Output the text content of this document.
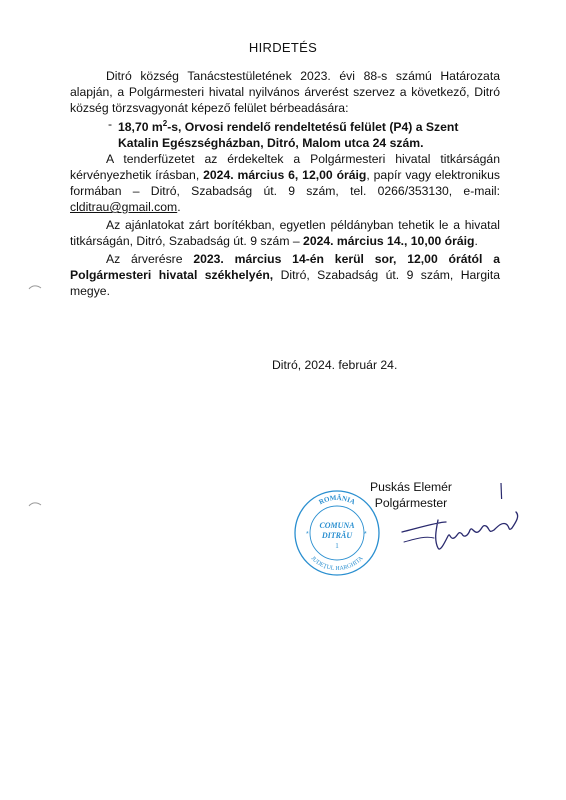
HIRDETÉS

Ditró község Tanácstestületének 2023. évi 88-s számú Határozata alapján, a Polgármesteri hivatal nyilvános árverést szervez a következő, Ditró község törzsvagyonát képező felület bérbeadására:

- 18,70 $m^2-s$, Orvosi rendelő rendeltetésű felület (P4) a Szent Katalin Egészségházban, Ditró, Malom utca 24 szám.

A tenderfüzetet az érdekeltek a Polgármesteri hivatal titkárságán kérvényezhetik írásban, 2024. március 6, 12,00 óráig, papír vagy elektronikus formában – Ditró, Szabadság út. 9 szám, tel. 0266/353130, e-mail: clditrau@gmail.com.

Az ajánlatokat zárt borítékban, egyetlen példányban tehetik le a hivatal titkárságán, Ditró, Szabadság út. 9 szám – 2024. március 14., 10,00 óráig.

Az árverésre 2023. március 14-én kerül sor, 12,00 órától a Polgármesteri hivatal székhelyén, Ditró, Szabadság út. 9 szám, Hargita megye.

Ditró, 2024. február 24.
Puskás Elemér
Polgármester
ROMÂNIA
JUDEȚUL HARGHITA
COMUNA
DITRĂU
1
*	*
